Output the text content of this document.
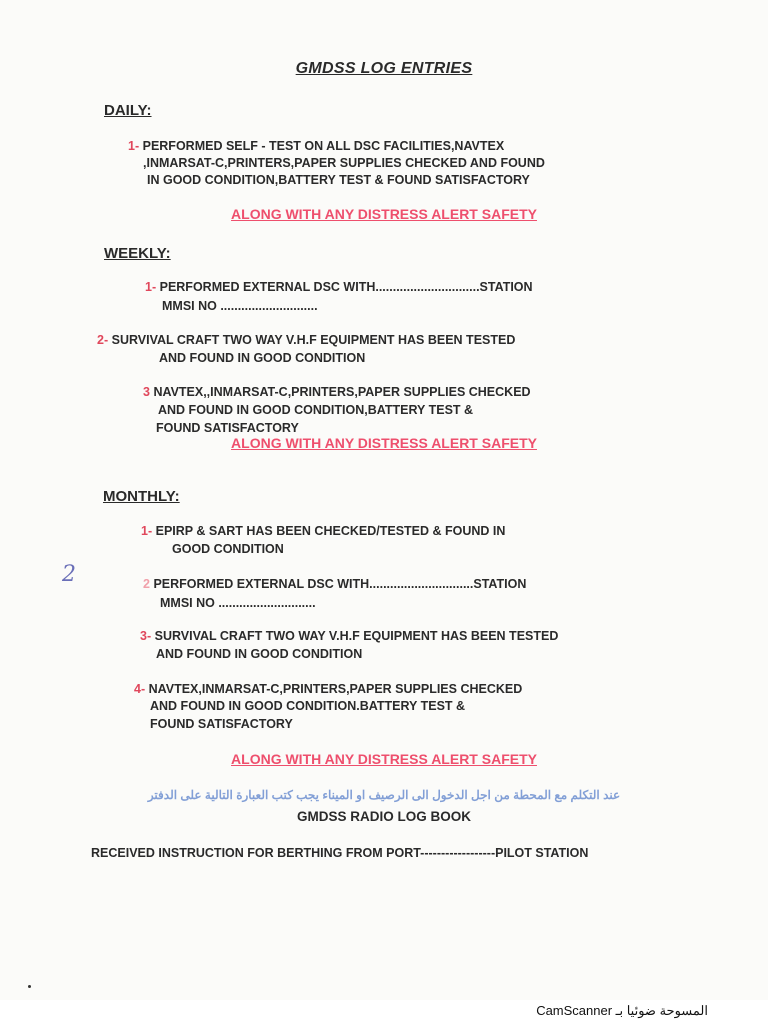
GMDSS LOG ENTRIES
DAILY:
1- PERFORMED SELF - TEST ON ALL DSC FACILITIES,NAVTEX
,INMARSAT-C,PRINTERS,PAPER SUPPLIES CHECKED AND FOUND
IN GOOD CONDITION,BATTERY TEST & FOUND SATISFACTORY
ALONG WITH ANY DISTRESS ALERT SAFETY
WEEKLY:
1- PERFORMED EXTERNAL DSC WITH..............................STATION
MMSI NO ............................
2- SURVIVAL CRAFT TWO WAY V.H.F EQUIPMENT HAS BEEN TESTED
AND FOUND IN GOOD CONDITION
3 NAVTEX,,INMARSAT-C,PRINTERS,PAPER SUPPLIES CHECKED
AND FOUND IN GOOD CONDITION,BATTERY TEST &
FOUND SATISFACTORY
ALONG WITH ANY DISTRESS ALERT SAFETY
MONTHLY:
1- EPIRP & SART HAS BEEN CHECKED/TESTED & FOUND IN
GOOD CONDITION
2	2 PERFORMED EXTERNAL DSC WITH..............................STATION
MMSI NO ............................
3- SURVIVAL CRAFT TWO WAY V.H.F EQUIPMENT HAS BEEN TESTED
AND FOUND IN GOOD CONDITION
4- NAVTEX,INMARSAT-C,PRINTERS,PAPER SUPPLIES CHECKED
AND FOUND IN GOOD CONDITION.BATTERY TEST &
FOUND SATISFACTORY
ALONG WITH ANY DISTRESS ALERT SAFETY
عند التكلم مع المحطة من اجل الدخول الى الرصيف او الميناء يجب كتب العبارة التالية على الدفتر
GMDSS RADIO LOG BOOK
RECEIVED INSTRUCTION FOR BERTHING FROM PORT------------------PILOT STATION
CamScanner المسوحة ضوئيا بـ
